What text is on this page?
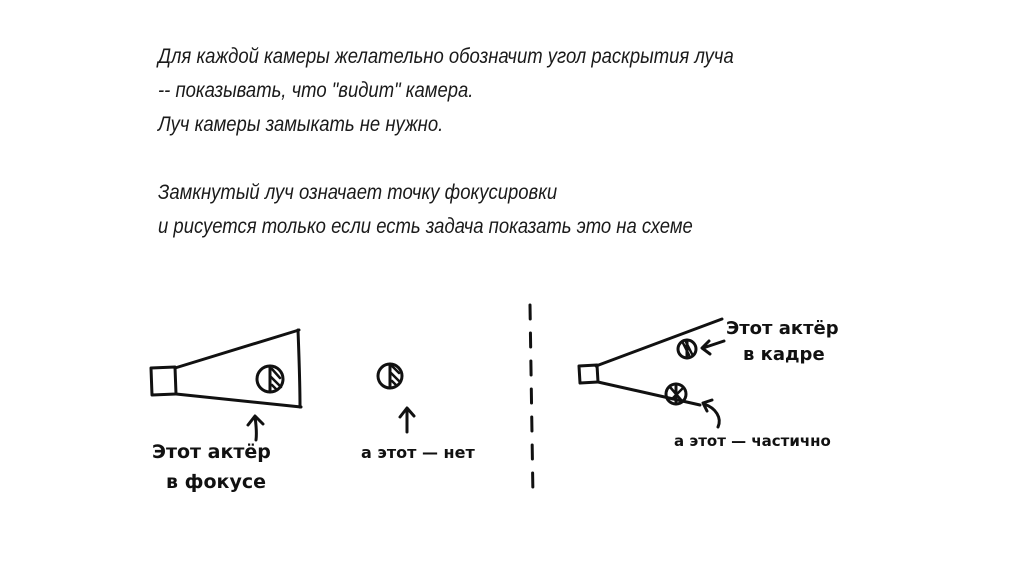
Для каждой камеры желательно обозначит угол раскрытия луча
-- показывать, что "видит" камера.
Луч камеры замыкать не нужно.
Замкнутый луч означает точку фокусировки
и рисуется только если есть задача показать это на схеме
Этот актёр
в фокусе
а этот — нет
Этот актёр
в кадре
а этот — частично
